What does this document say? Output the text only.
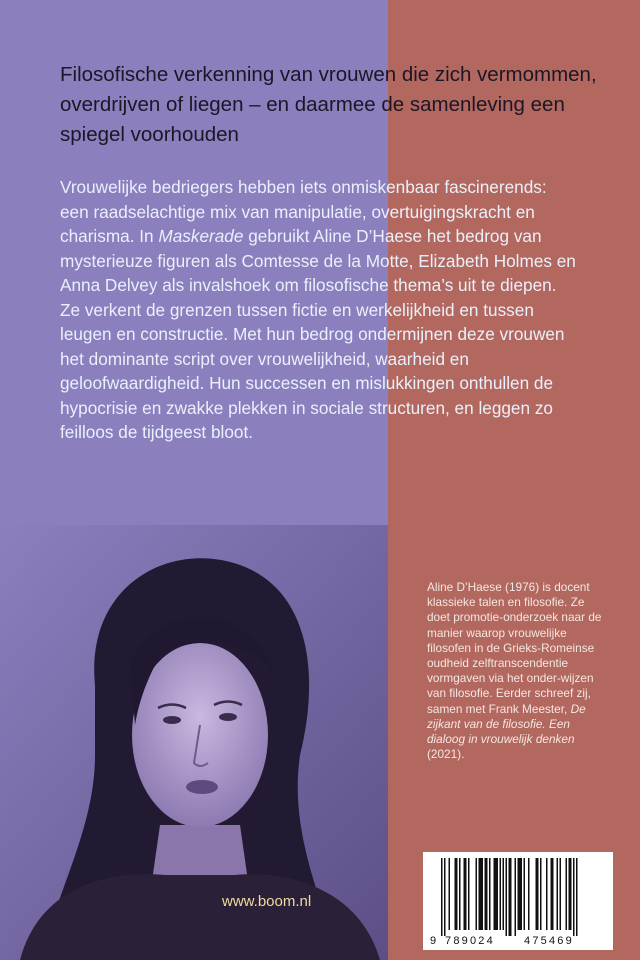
Filosofische verkenning van vrouwen die zich vermommen, overdrijven of liegen – en daarmee de samenleving een spiegel voorhouden

Vrouwelijke bedriegers hebben iets onmiskenbaar fascinerends: een raadselachtige mix van manipulatie, overtuigingskracht en charisma. In Maskerade gebruikt Aline D’Haese het bedrog van mysterieuze figuren als Comtesse de la Motte, Elizabeth Holmes en Anna Delvey als invalshoek om filosofische thema’s uit te diepen. Ze verkent de grenzen tussen fictie en werkelijkheid en tussen leugen en constructie. Met hun bedrog ondermijnen deze vrouwen het dominante script over vrouwelijkheid, waarheid en geloofwaardigheid. Hun successen en mislukkingen onthullen de hypocrisie en zwakke plekken in sociale structuren, en leggen zo feilloos de tijdgeest bloot.

Aline D’Haese (1976) is docent klassieke talen en filosofie. Ze doet promotie-onderzoek naar de manier waarop vrouwelijke filosofen in de Grieks-Romeinse oudheid zelftranscendentie vormgaven via het onder-wijzen van filosofie. Eerder schreef zij, samen met Frank Meester, De zijkant van de filosofie. Een dialoog in vrouwelijk denken (2021).

www.boom.nl

9 789024	475469
